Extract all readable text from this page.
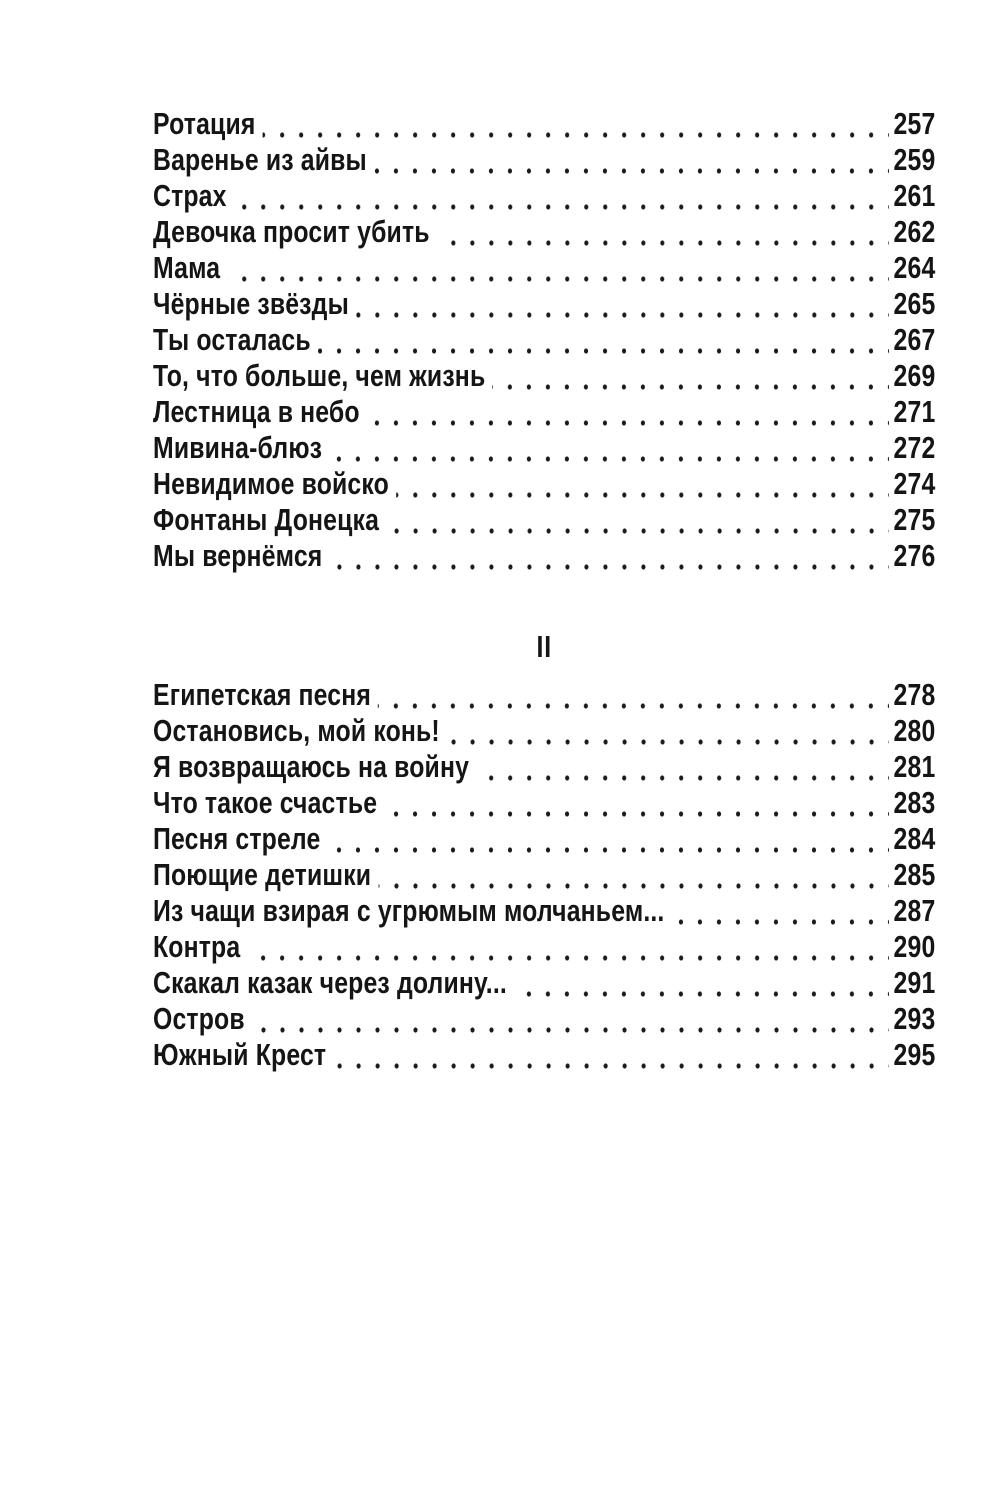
Ротация	257
Варенье из айвы	259
Страх	261
Девочка просит убить	262
Мама	264
Чёрные звёзды	265
Ты осталась	267
То, что больше, чем жизнь	269
Лестница в небо	271
Мивина-блюз	272
Невидимое войско	274
Фонтаны Донецка	275
Мы вернёмся	276
II
Египетская песня	278
Остановись, мой конь!	280
Я возвращаюсь на войну	281
Что такое счастье	283
Песня стреле	284
Поющие детишки	285
Из чащи взирая с угрюмым молчаньем...	287
Контра	290
Скакал казак через долину...	291
Остров	293
Южный Крест	295
